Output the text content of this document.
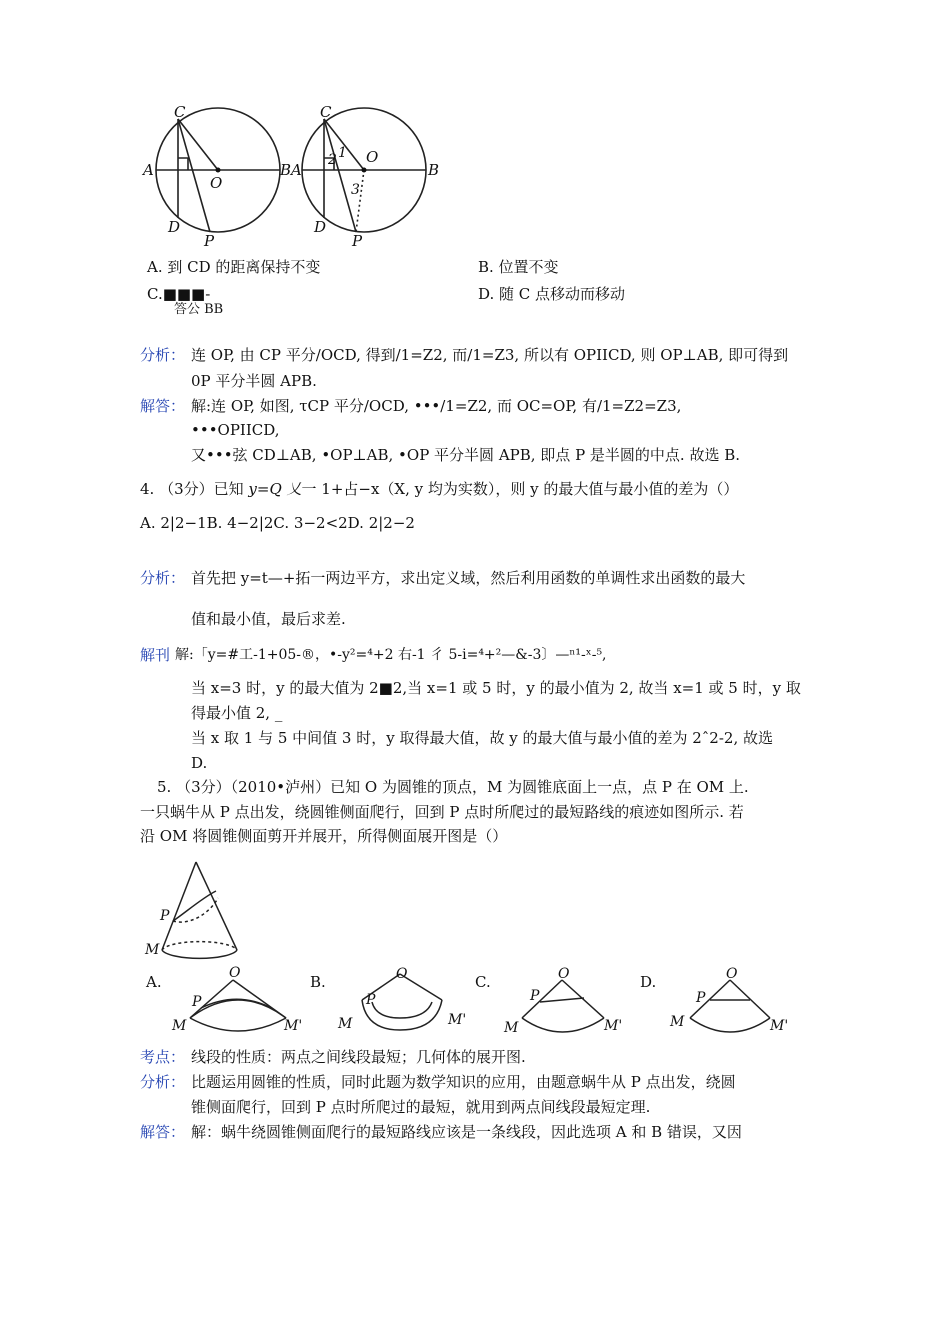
C
A
O
BA
D
P
C
1
2 O
B
3
D
P
A. 到 CD 的距离保持不变	B. 位置不变
C.■■■-	D. 随 C 点移动而移动
答公 BB
分析： 连 OP, 由 CP 平分/OCD, 得到/1=Z2, 而/1=Z3, 所以有 OPIICD, 则 OP⊥AB, 即可得到
0P 平分半圆 APB.
解答： 解:连 OP, 如图, τCP 平分/OCD, •••/1=Z2, 而 OC=OP, 有/1=Z2=Z3,
•••OPIICD,
又•••弦 CD⊥AB, •OP⊥AB, •OP 平分半圆 APB, 即点 P 是半圆的中点. 故选 B.
4. （3分）已知 y=Q 乂一 1+占−x（X, y 均为实数），则 y 的最大值与最小值的差为（）
A. 2|2−1B. 4−2|2C. 3−2<2D. 2|2−2
分析： 首先把 y=t—+拓一两边平方，求出定义域，然后利用函数的单调性求出函数的最大
值和最小值，最后求差.
解刊 解:「y=#工-1+05-®，•-y²=⁴+2 右-1 彳 5-i=⁴+²—&-3〕—ⁿ¹-ˣ-⁵,
当 x=3 时，y 的最大值为 2■2,当 x=1 或 5 时，y 的最小值为 2, 故当 x=1 或 5 时，y 取
得最小值 2, _
当 x 取 1 与 5 中间值 3 时，y 取得最大值，故 y 的最大值与最小值的差为 2ˆ2-2, 故选
D.
5. （3分）（2010•泸州）已知 O 为圆锥的顶点，M 为圆锥底面上一点，点 P 在 OM 上.
一只蜗牛从 P 点出发，绕圆锥侧面爬行，回到 P 点时所爬过的最短路线的痕迹如图所示. 若
沿 OM 将圆锥侧面剪开并展开，所得侧面展开图是（）
P
M
A.	B.	C.	D.
O
P
M	M'
O
P
M	M'
O
P
M	M'
O
P
M	M'
考点： 线段的性质：两点之间线段最短；几何体的展开图.
分析： 比题运用圆锥的性质，同时此题为数学知识的应用，由题意蜗牛从 P 点出发，绕圆
锥侧面爬行，回到 P 点时所爬过的最短，就用到两点间线段最短定理.
解答： 解：蜗牛绕圆锥侧面爬行的最短路线应该是一条线段，因此选项 A 和 B 错误，又因
